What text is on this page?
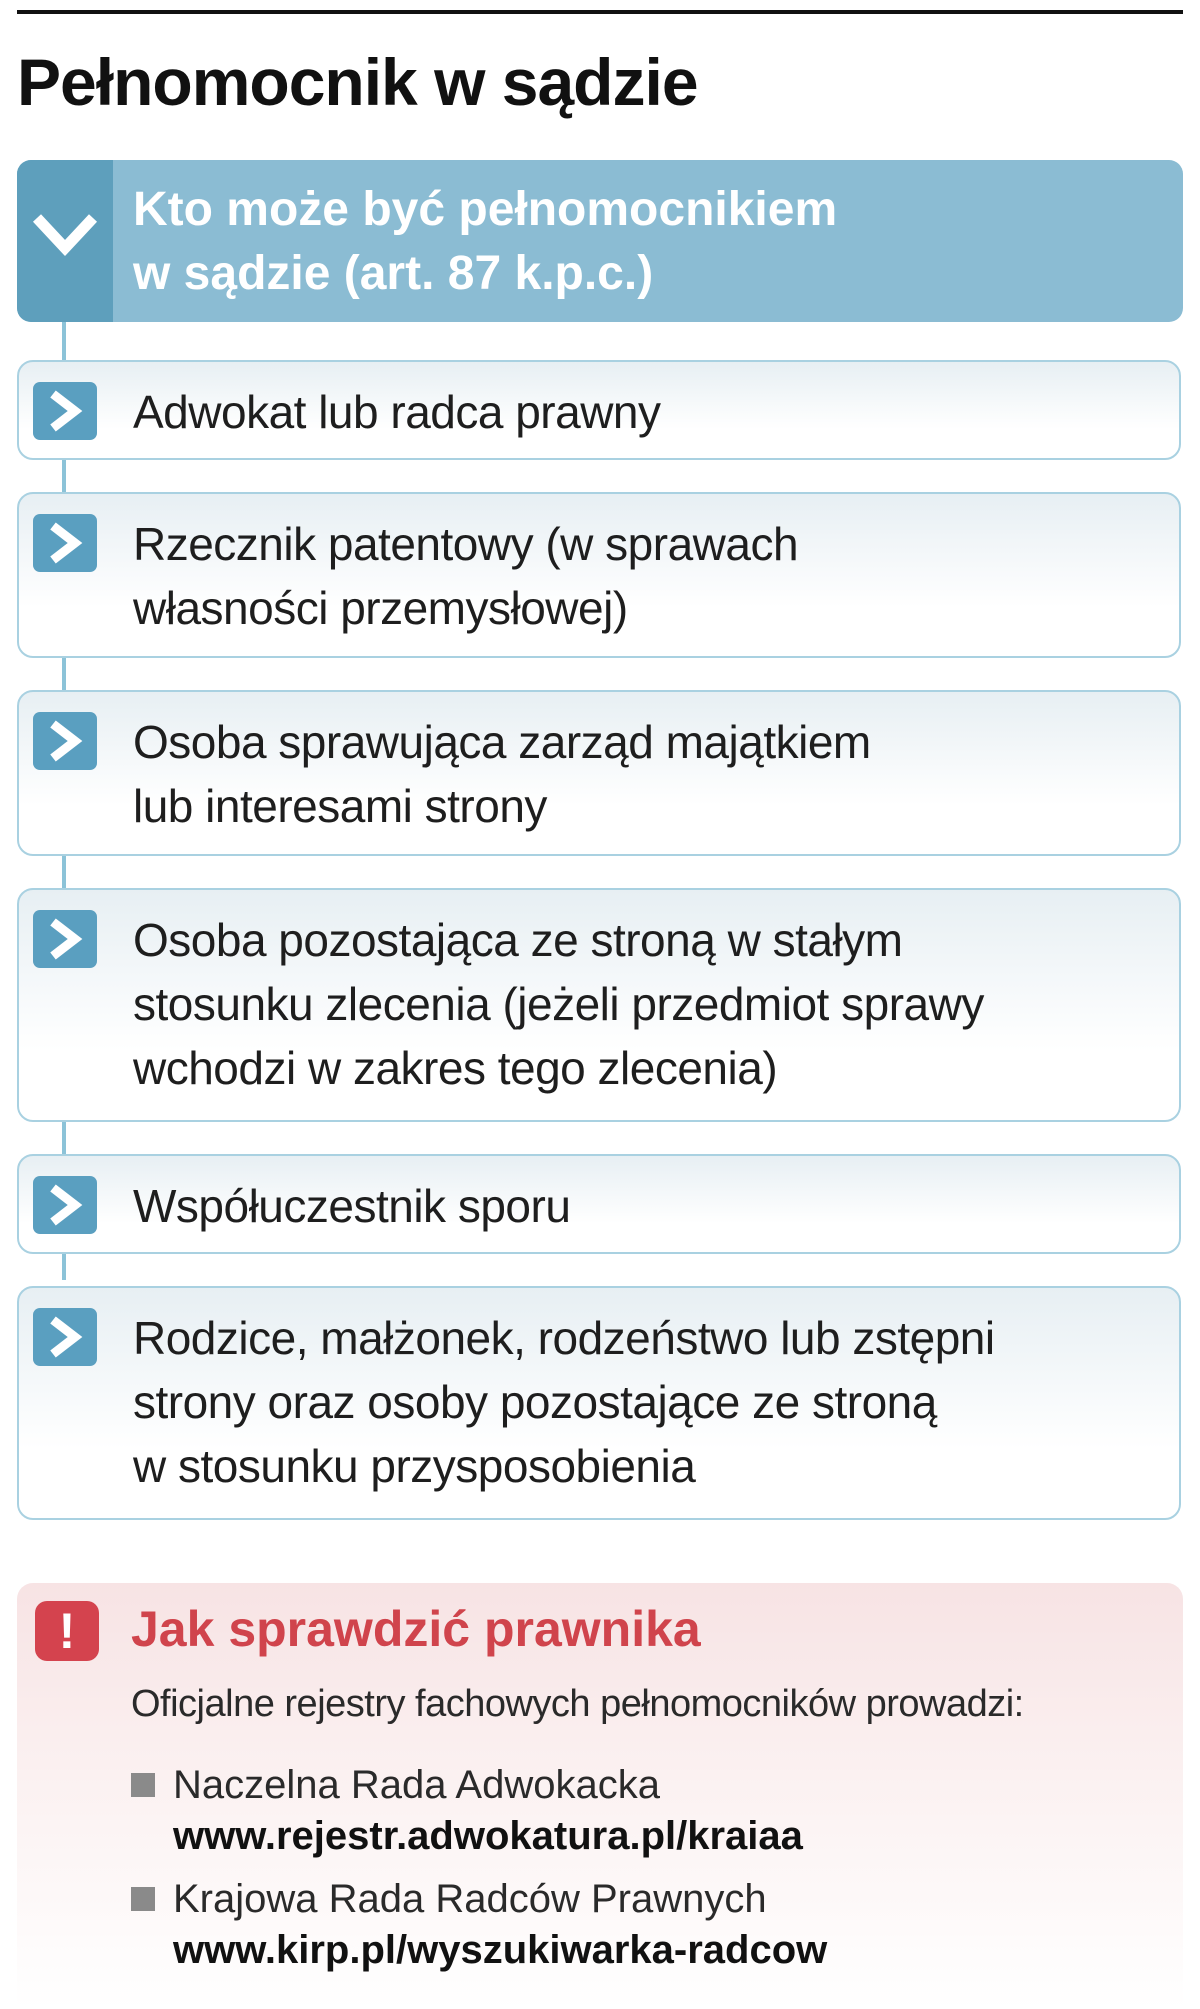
Pełnomocnik w sądzie
Kto może być pełnomocnikiem
w sądzie (art. 87 k.p.c.)
Adwokat lub radca prawny
Rzecznik patentowy (w sprawach
własności przemysłowej)
Osoba sprawująca zarząd majątkiem
lub interesami strony
Osoba pozostająca ze stroną w stałym
stosunku zlecenia (jeżeli przedmiot sprawy
wchodzi w zakres tego zlecenia)
Współuczestnik sporu
Rodzice, małżonek, rodzeństwo lub zstępni
strony oraz osoby pozostające ze stroną
w stosunku przysposobienia
!	Jak sprawdzić prawnika
Oficjalne rejestry fachowych pełnomocników prowadzi:
Naczelna Rada Adwokacka
www.rejestr.adwokatura.pl/kraiaa
Krajowa Rada Radców Prawnych
www.kirp.pl/wyszukiwarka-radcow
